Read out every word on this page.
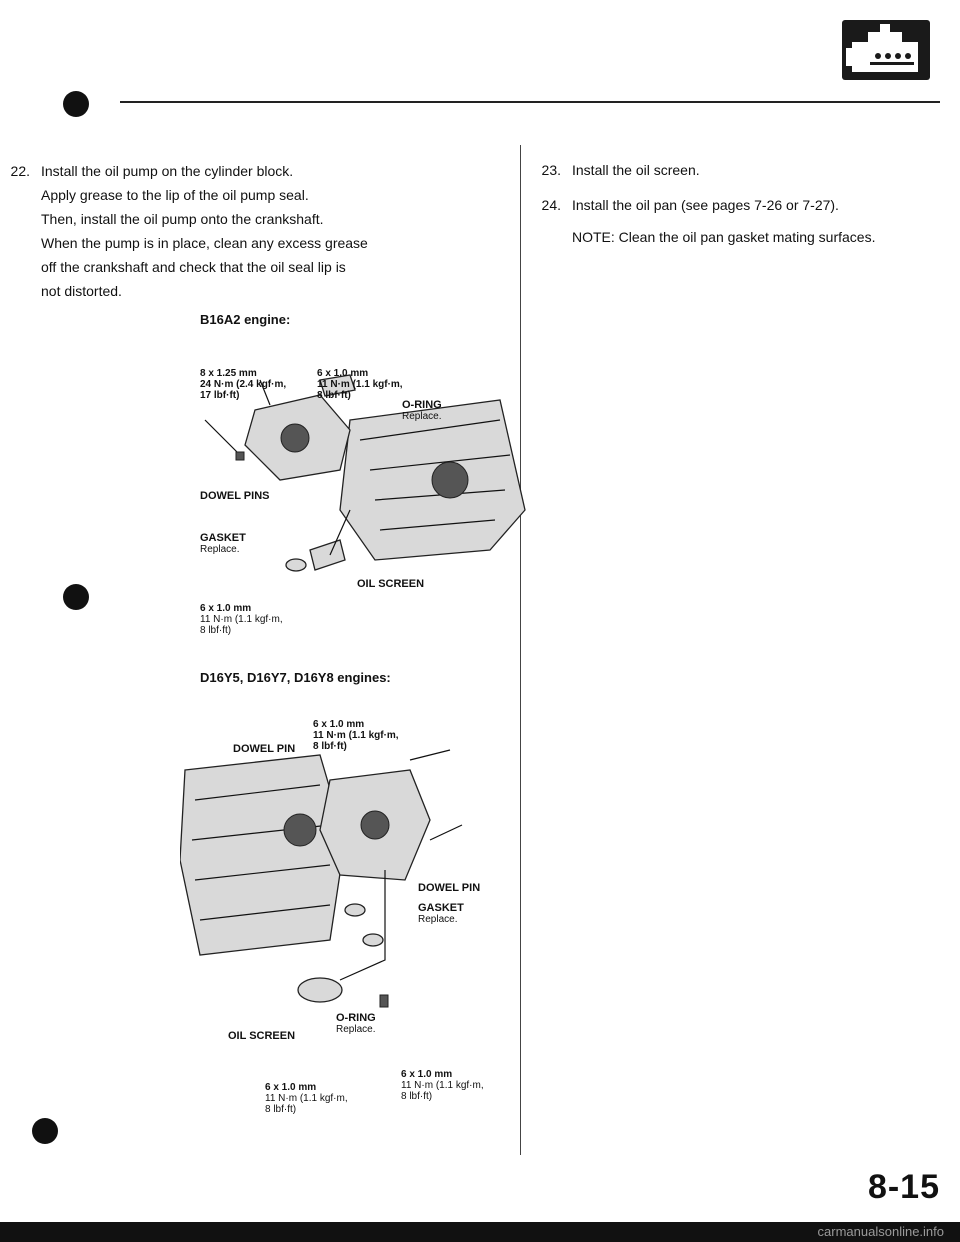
22. Install the oil pump on the cylinder block.
Apply grease to the lip of the oil pump seal.
Then, install the oil pump onto the crankshaft.
When the pump is in place, clean any excess grease
off the crankshaft and check that the oil seal lip is
not distorted.
B16A2 engine:
8 x 1.25 mm
24 N·m (2.4 kgf·m,
17 lbf·ft)
6 x 1.0 mm
11 N·m (1.1 kgf·m,
8 lbf·ft)
O-RING
Replace.
DOWEL PINS
GASKET
Replace.
OIL SCREEN
6 x 1.0 mm
11 N·m (1.1 kgf·m,
8 lbf·ft)
D16Y5, D16Y7, D16Y8 engines:
6 x 1.0 mm
11 N·m (1.1 kgf·m,
8 lbf·ft)
DOWEL PIN
DOWEL PIN
GASKET
Replace.
O-RING
Replace.
OIL SCREEN
6 x 1.0 mm
11 N·m (1.1 kgf·m,
8 lbf·ft)
6 x 1.0 mm
11 N·m (1.1 kgf·m,
8 lbf·ft)
23. Install the oil screen.
24. Install the oil pan (see pages 7-26 or 7-27).
NOTE: Clean the oil pan gasket mating surfaces.
8-15
carmanualsonline.info
